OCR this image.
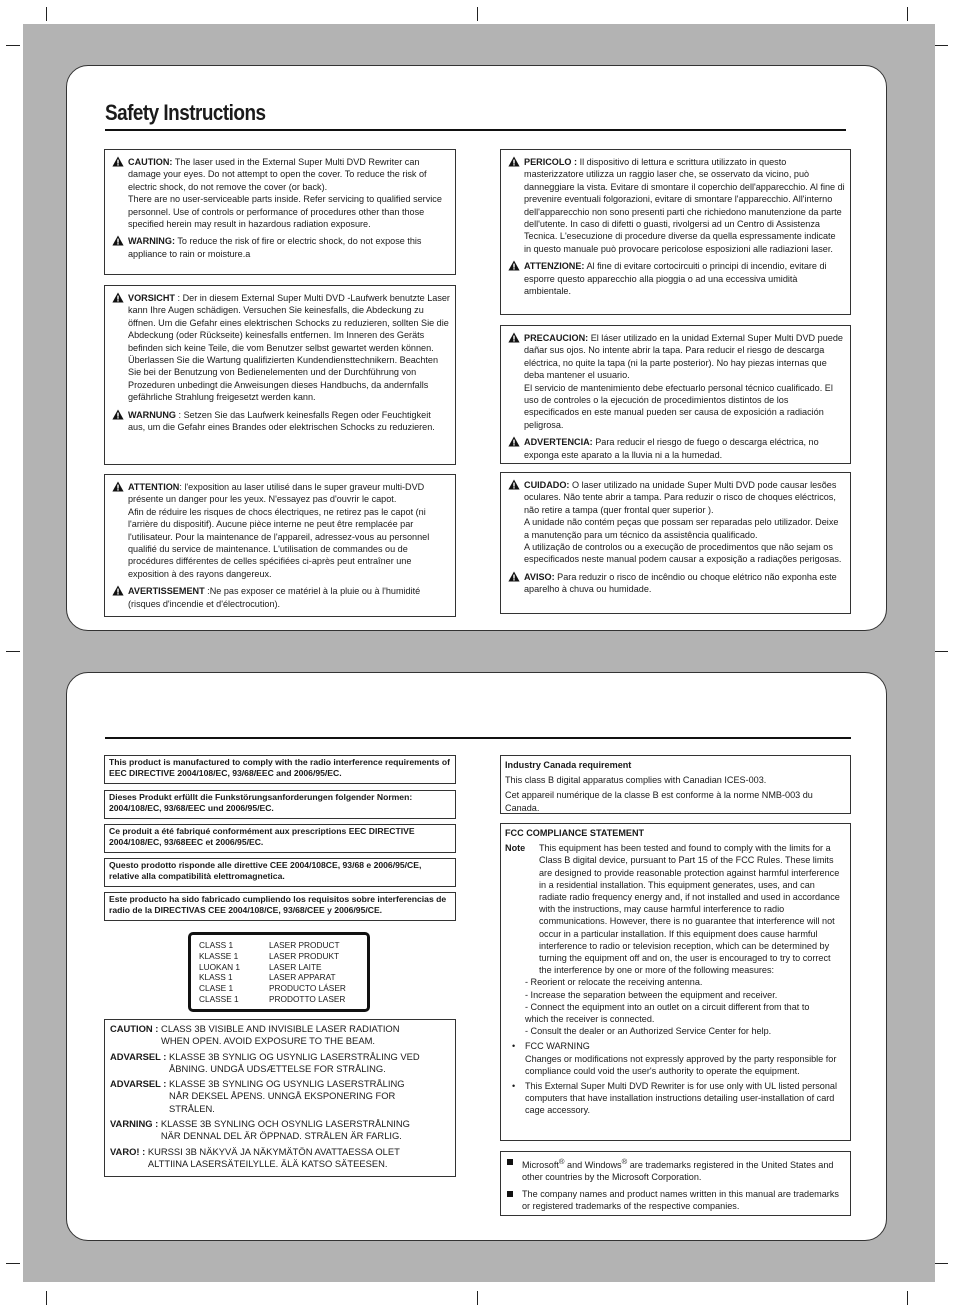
Safety Instructions
CAUTION: The laser used in the External Super Multi DVD Rewriter can damage your eyes. Do not attempt to open the cover. To reduce the risk of electric shock, do not remove the cover (or back).
There are no user-serviceable parts inside. Refer servicing to qualified service personnel. Use of controls or performance of procedures other than those specified herein may result in hazardous radiation exposure.
WARNING: To reduce the risk of fire or electric shock, do not expose this appliance to rain or moisture.a
VORSICHT : Der in diesem External Super Multi DVD -Laufwerk benutzte Laser kann Ihre Augen schädigen. Versuchen Sie keinesfalls, die Abdeckung zu öffnen. Um die Gefahr eines elektrischen Schocks zu reduzieren, sollten Sie die Abdeckung (oder Rückseite) keinesfalls entfernen. Im Inneren des Geräts befinden sich keine Teile, die vom Benutzer selbst gewartet werden können. Überlassen Sie die Wartung qualifizierten Kundendiensttechnikern. Beachten Sie bei der Benutzung von Bedienelementen und der Durchführung von Prozeduren unbedingt die Anweisungen dieses Handbuchs, da andernfalls gefährliche Strahlung freigesetzt werden kann.
WARNUNG : Setzen Sie das Laufwerk keinesfalls Regen oder Feuchtigkeit aus, um die Gefahr eines Brandes oder elektrischen Schocks zu reduzieren.
ATTENTION: l'exposition au laser utilisé dans le super graveur multi-DVD présente un danger pour les yeux. N'essayez pas d'ouvrir le capot.
Afin de réduire les risques de chocs électriques, ne retirez pas le capot (ni l'arrière du dispositif). Aucune pièce interne ne peut être remplacée par l'utilisateur. Pour la maintenance de l'appareil, adressez-vous au personnel qualifié du service de maintenance. L'utilisation de commandes ou de procédures différentes de celles spécifiées ci-après peut entraîner une exposition à des rayons dangereux.
AVERTISSEMENT :Ne pas exposer ce matériel à la pluie ou à l'humidité (risques d'incendie et d'électrocution).
PERICOLO : Il dispositivo di lettura e scrittura utilizzato in questo masterizzatore utilizza un raggio laser che, se osservato da vicino, può danneggiare la vista. Evitare di smontare il coperchio dell'apparecchio. Al fine di prevenire eventuali folgorazioni, evitare di smontare l'apparecchio. All'interno dell'apparecchio non sono presenti parti che richiedono manutenzione da parte dell'utente. In caso di difetti o guasti, rivolgersi ad un Centro di Assistenza Tecnica. L'esecuzione di procedure diverse da quella espressamente indicate in questo manuale può provocare pericolose esposizioni alle radiazioni laser.
ATTENZIONE: Al fine di evitare cortocircuiti o principi di incendio, evitare di esporre questo apparecchio alla pioggia o ad una eccessiva umidità ambientale.
PRECAUCION: El láser utilizado en la unidad External Super Multi DVD puede dañar sus ojos. No intente abrir la tapa. Para reducir el riesgo de descarga eléctrica, no quite la tapa (ni la parte posterior). No hay piezas internas que deba mantener el usuario.
El servicio de mantenimiento debe efectuarlo personal técnico cualificado. El uso de controles o la ejecución de procedimientos distintos de los especificados en este manual pueden ser causa de exposición a radiación peligrosa.
ADVERTENCIA: Para reducir el riesgo de fuego o descarga eléctrica, no exponga este aparato a la lluvia ni a la humedad.
CUIDADO: O laser utilizado na unidade Super Multi DVD pode causar lesões oculares. Não tente abrir a tampa. Para reduzir o risco de choques eléctricos, não retire a tampa (quer frontal quer superior ).
A unidade não contém peças que possam ser reparadas pelo utilizador. Deixe a manutenção para um técnico da assistência qualificado.
A utilização de controlos ou a execução de procedimentos que não sejam os especificados neste manual podem causar a exposição a radiações perigosas.
AVISO: Para reduzir o risco de incêndio ou choque elétrico não exponha este aparelho à chuva ou humidade.
This product is manufactured to comply with the radio interference requirements of EEC DIRECTIVE 2004/108/EC, 93/68/EEC and 2006/95/EC.
Dieses Produkt erfüllt die Funkstörungsanforderungen folgender Normen: 2004/108/EC, 93/68/EEC und 2006/95/EC.
Ce produit a été fabriqué conformément aux prescriptions EEC DIRECTIVE 2004/108/EC, 93/68EEC et 2006/95/EC.
Questo prodotto risponde alle direttive CEE 2004/108CE, 93/68 e 2006/95/CE, relative alla compatibilità elettromagnetica.
Este producto ha sido fabricado cumpliendo los requisitos sobre interferencias de radio de la DIRECTIVAS CEE 2004/108/CE, 93/68/CEE y 2006/95/CE.
CLASS 1	LASER PRODUCT
KLASSE 1	LASER PRODUKT
LUOKAN 1	LASER LAITE
KLASS 1	LASER APPARAT
CLASE 1	PRODUCTO LÁSER
CLASSE 1	PRODOTTO LASER
CAUTION : CLASS 3B VISIBLE AND INVISIBLE LASER RADIATION
WHEN OPEN. AVOID EXPOSURE TO THE BEAM.
ADVARSEL : KLASSE 3B SYNLIG OG USYNLIG LASERSTRÅLING VED
ÅBNING. UNDGÅ UDSÆTTELSE FOR STRÅLING.
ADVARSEL : KLASSE 3B SYNLING OG USYNLIG LASERSTRÅLING
NÅR DEKSEL ÅPENS. UNNGÅ EKSPONERING FOR
STRÅLEN.
VARNING : KLASSE 3B SYNLING OCH OSYNLIG LASERSTRÅLNING
NÄR DENNAL DEL ÄR ÖPPNAD. STRÅLEN ÄR FARLIG.
VARO! : KURSSI 3B NÄKYVÄ JA NÄKYMÄTÖN AVATTAESSA OLET
ALTTIINA LASERSÄTEILYLLE. ÄLÄ KATSO SÄTEESEN.

Industry Canada requirement

This class B digital apparatus complies with Canadian ICES-003.

Cet appareil numérique de la classe B est conforme à la norme NMB-003 du Canada.

FCC COMPLIANCE STATEMENT

Note This equipment has been tested and found to comply with the limits for a Class B digital device, pursuant to Part 15 of the FCC Rules. These limits are designed to provide reasonable protection against harmful interference in a residential installation. This equipment generates, uses, and can radiate radio frequency energy and, if not installed and used in accordance with the instructions, may cause harmful interference to radio communications. However, there is no guarantee that interference will not occur in a particular installation. If this equipment does cause harmful interference to radio or television reception, which can be determined by turning the equipment off and on, the user is encouraged to try to correct the interference by one or more of the following measures:

- Reorient or relocate the receiving antenna.

- Increase the separation between the equipment and receiver.

- Connect the equipment into an outlet on a circuit different from that to
which the receiver is connected.

- Consult the dealer or an Authorized Service Center for help.

• FCC WARNING
Changes or modifications not expressly approved by the party responsible for compliance could void the user's authority to operate the equipment.
• This External Super Multi DVD Rewriter is for use only with UL listed personal computers that have installation instructions detailing user-installation of card cage accessory.
Microsoft® and Windows® are trademarks registered in the United States and other countries by the Microsoft Corporation.
The company names and product names written in this manual are trademarks or registered trademarks of the respective companies.
